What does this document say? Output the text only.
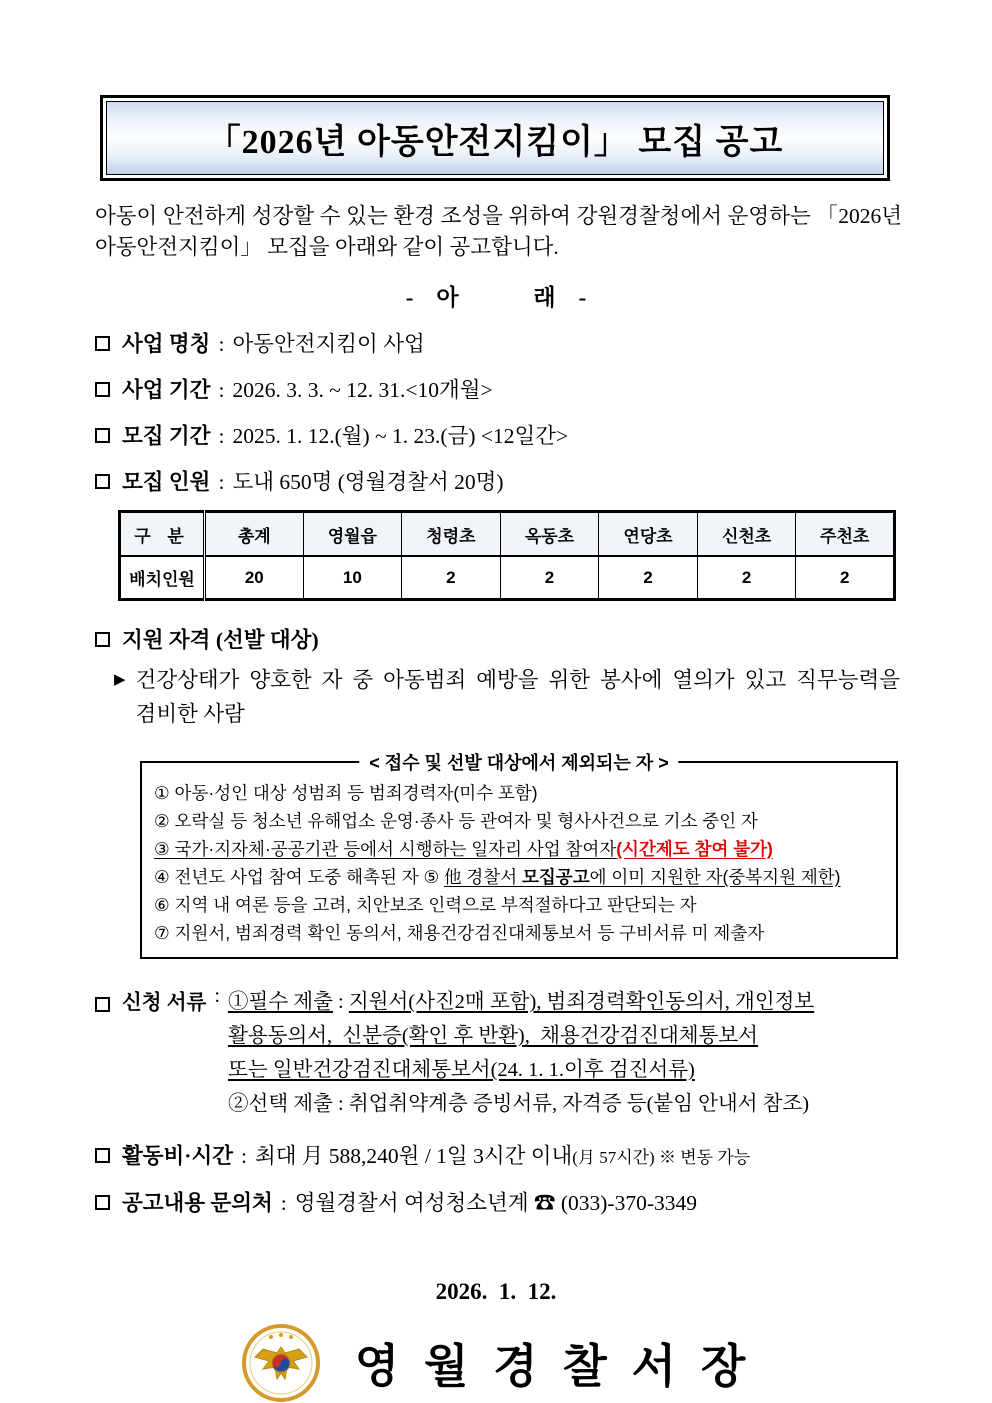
「2026년 아동안전지킴이」 모집 공고

아동이 안전하게 성장할 수 있는 환경 조성을 위하여 강원경찰청에서 운영하는 「2026년 아동안전지킴이」 모집을 아래와 같이 공고합니다.

-    아             래    -
사업 명칭 : 아동안전지킴이 사업
사업 기간 : 2026. 3. 3. ~ 12. 31.<10개월>
모집 기간 : 2025. 1. 12.(월) ~ 1. 23.(금) <12일간>
모집 인원 : 도내 650명 (영월경찰서 20명)
구 분	총계	영월읍	청령초	옥동초	연당초	신천초	주천초
배치인원	20	10	2	2	2	2	2
지원 자격 (선발 대상)
▶ 건강상태가 양호한 자 중 아동범죄 예방을 위한 봉사에 열의가 있고 직무능력을 겸비한 사람
< 접수 및 선발 대상에서 제외되는 자 >
① 아동·성인 대상 성범죄 등 범죄경력자(미수 포함)
② 오락실 등 청소년 유해업소 운영·종사 등 관여자 및 형사사건으로 기소 중인 자
③ 국가·지자체·공공기관 등에서 시행하는 일자리 사업 참여자(시간제도 참여 불가)
④ 전년도 사업 참여 도중 해촉된 자 ⑤ 他 경찰서 모집공고에 이미 지원한 자(중복지원 제한)
⑥ 지역 내 여론 등을 고려, 치안보조 인력으로 부적절하다고 판단되는 자
⑦ 지원서, 범죄경력 확인 동의서, 채용건강검진대체통보서 등 구비서류 미 제출자
신청 서류 : ①필수 제출 : 지원서(사진2매 포함), 범죄경력확인동의서, 개인정보
활용동의서,  신분증(확인 후 반환),  채용건강검진대체통보서
또는 일반건강검진대체통보서(24. 1. 1.이후 검진서류)
②선택 제출 : 취업취약계층 증빙서류, 자격증 등(붙임 안내서 참조)
활동비·시간 : 최대 月 588,240원 / 1일 3시간 이내 (月 57시간) ※ 변동 가능
공고내용 문의처 : 영월경찰서 여성청소년계 ☎ (033)-370-3349
2026.  1.  12.
영 월 경 찰 서 장
